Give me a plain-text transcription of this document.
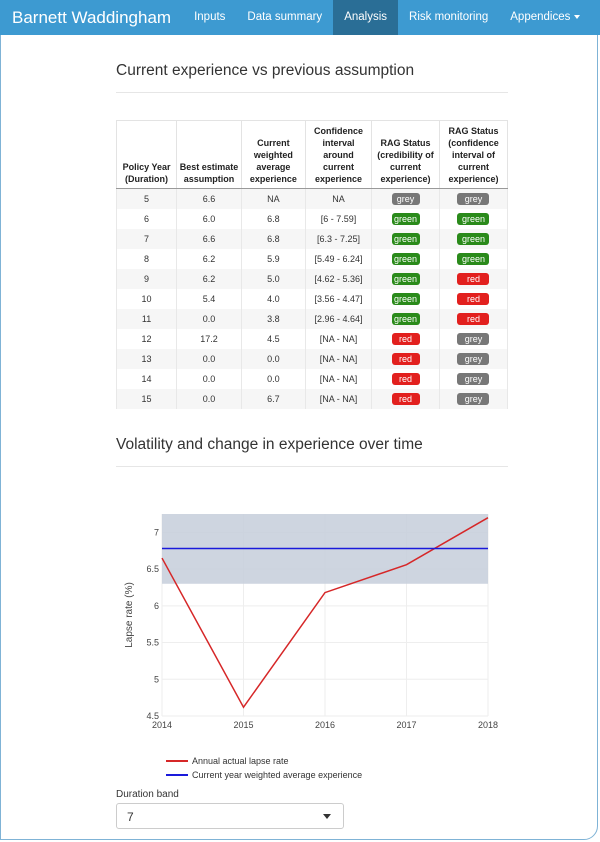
Barnett Waddingham	Inputs	Data summary	Analysis	Risk monitoring	Appendices
Current experience vs previous assumption
Policy Year (Duration)	Best estimate assumption	Current weighted average experience	Confidence interval around current experience	RAG Status (credibility of current experience)	RAG Status (confidence interval of current experience)
5	6.6	NA	NA	grey	grey
6	6.0	6.8	[6 - 7.59]	green	green
7	6.6	6.8	[6.3 - 7.25]	green	green
8	6.2	5.9	[5.49 - 6.24]	green	green
9	6.2	5.0	[4.62 - 5.36]	green	red
10	5.4	4.0	[3.56 - 4.47]	green	red
11	0.0	3.8	[2.96 - 4.64]	green	red
12	17.2	4.5	[NA - NA]	red	grey
13	0.0	0.0	[NA - NA]	red	grey
14	0.0	0.0	[NA - NA]	red	grey
15	0.0	6.7	[NA - NA]	red	grey
Volatility and change in experience over time
4.5
5
5.5
6
6.5
7
2014	2015	2016	2017	2018
Lapse rate (%)
Annual actual lapse rate
Current year weighted average experience
Duration band
7
